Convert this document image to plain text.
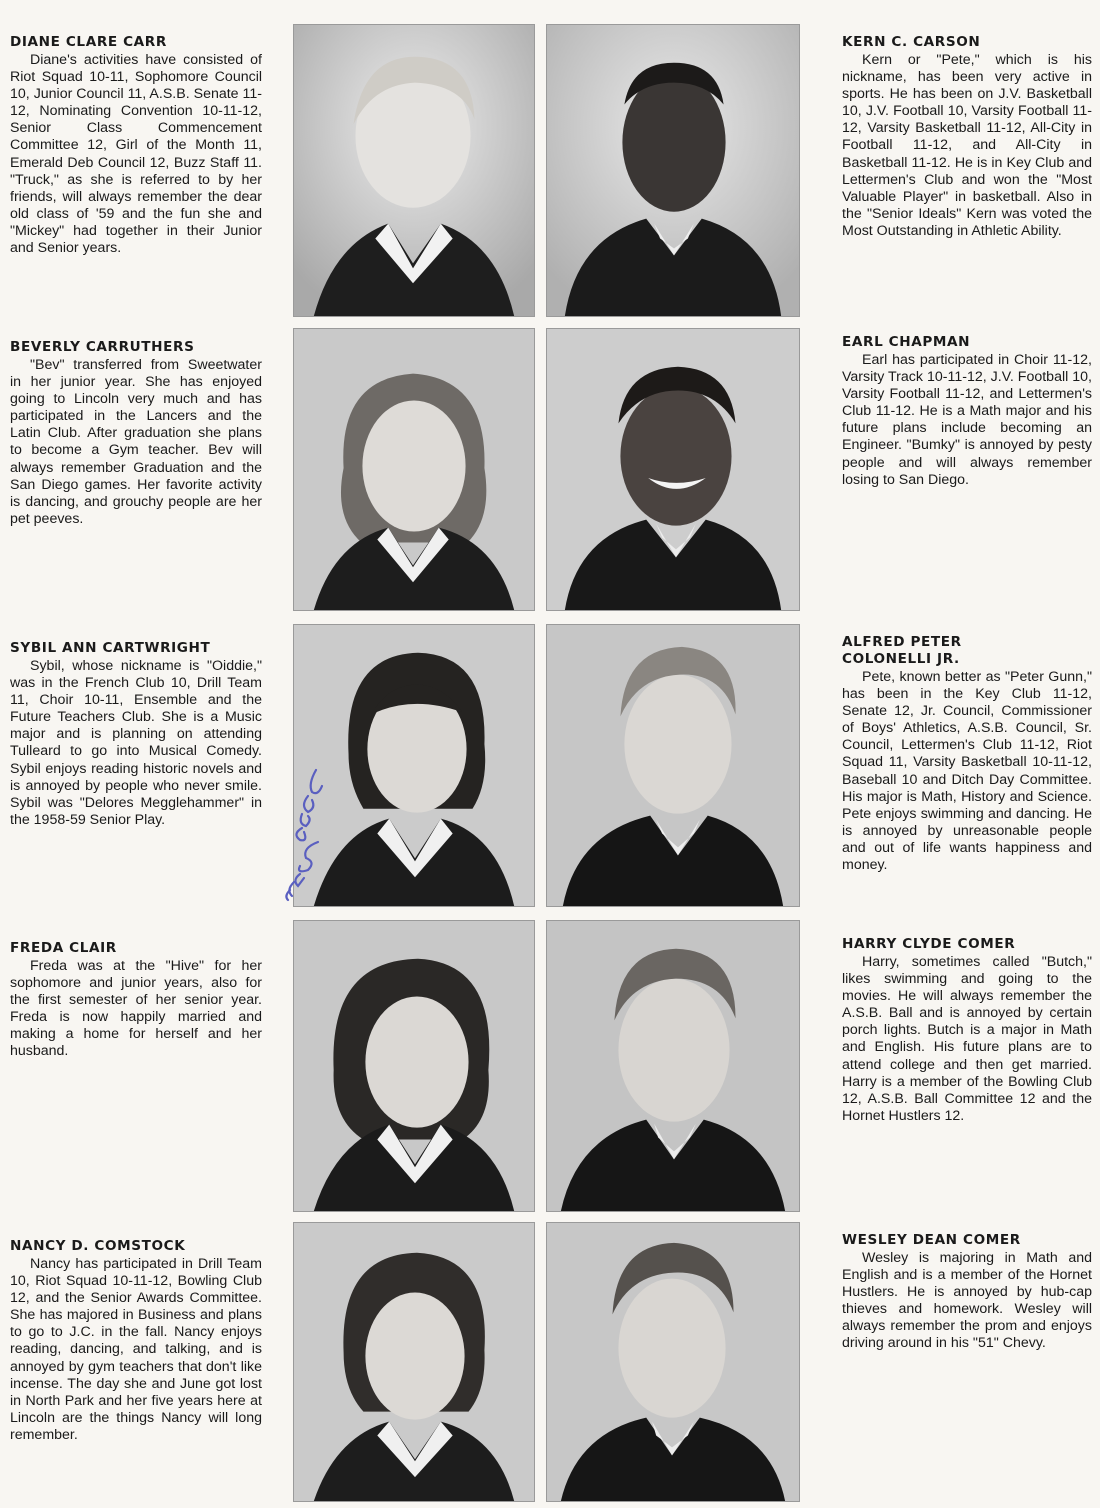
DIANE CLARE CARR
Diane's activities have consisted of Riot Squad 10-11, Sophomore Council 10, Junior Council 11, A.S.B. Senate 11-12, Nominating Convention 10-11-12, Senior Class Commencement Committee 12, Girl of the Month 11, Emerald Deb Council 12, Buzz Staff 11. "Truck," as she is referred to by her friends, will always remember the dear old class of '59 and the fun she and "Mickey" had together in their Junior and Senior years.
KERN C. CARSON
Kern or "Pete," which is his nickname, has been very active in sports. He has been on J.V. Basketball 10, J.V. Football 10, Varsity Football 11-12, Varsity Basketball 11-12, All-City in Football 11-12, and All-City in Basketball 11-12. He is in Key Club and Lettermen's Club and won the "Most Valuable Player" in basketball. Also in the "Senior Ideals" Kern was voted the Most Outstanding in Athletic Ability.
BEVERLY CARRUTHERS
"Bev" transferred from Sweetwater in her junior year. She has enjoyed going to Lincoln very much and has participated in the Lancers and the Latin Club. After graduation she plans to become a Gym teacher. Bev will always remember Graduation and the San Diego games. Her favorite activity is dancing, and grouchy people are her pet peeves.
EARL CHAPMAN
Earl has participated in Choir 11-12, Varsity Track 10-11-12, J.V. Football 10, Varsity Football 11-12, and Lettermen's Club 11-12. He is a Math major and his future plans include becoming an Engineer. "Bumky" is annoyed by pesty people and will always remember losing to San Diego.
SYBIL ANN CARTWRIGHT
Sybil, whose nickname is "Oiddie," was in the French Club 10, Drill Team 11, Choir 10-11, Ensemble and the Future Teachers Club. She is a Music major and is planning on attending Tulleard to go into Musical Comedy. Sybil enjoys reading historic novels and is annoyed by people who never smile. Sybil was "Delores Megglehammer" in the 1958-59 Senior Play.
ALFRED PETER
COLONELLI JR.
Pete, known better as "Peter Gunn," has been in the Key Club 11-12, Senate 12, Jr. Council, Commissioner of Boys' Athletics, A.S.B. Council, Sr. Council, Lettermen's Club 11-12, Riot Squad 11, Varsity Basketball 10-11-12, Baseball 10 and Ditch Day Committee. His major is Math, History and Science. Pete enjoys swimming and dancing. He is annoyed by unreasonable people and out of life wants happiness and money.
FREDA CLAIR
Freda was at the "Hive" for her sophomore and junior years, also for the first semester of her senior year. Freda is now happily married and making a home for herself and her husband.
HARRY CLYDE COMER
Harry, sometimes called "Butch," likes swimming and going to the movies. He will always remember the A.S.B. Ball and is annoyed by certain porch lights. Butch is a major in Math and English. His future plans are to attend college and then get married. Harry is a member of the Bowling Club 12, A.S.B. Ball Committee 12 and the Hornet Hustlers 12.
NANCY D. COMSTOCK
Nancy has participated in Drill Team 10, Riot Squad 10-11-12, Bowling Club 12, and the Senior Awards Committee. She has majored in Business and plans to go to J.C. in the fall. Nancy enjoys reading, dancing, and talking, and is annoyed by gym teachers that don't like incense. The day she and June got lost in North Park and her five years here at Lincoln are the things Nancy will long remember.
WESLEY DEAN COMER
Wesley is majoring in Math and English and is a member of the Hornet Hustlers. He is annoyed by hub-cap thieves and homework. Wesley will always remember the prom and enjoys driving around in his "51" Chevy.
